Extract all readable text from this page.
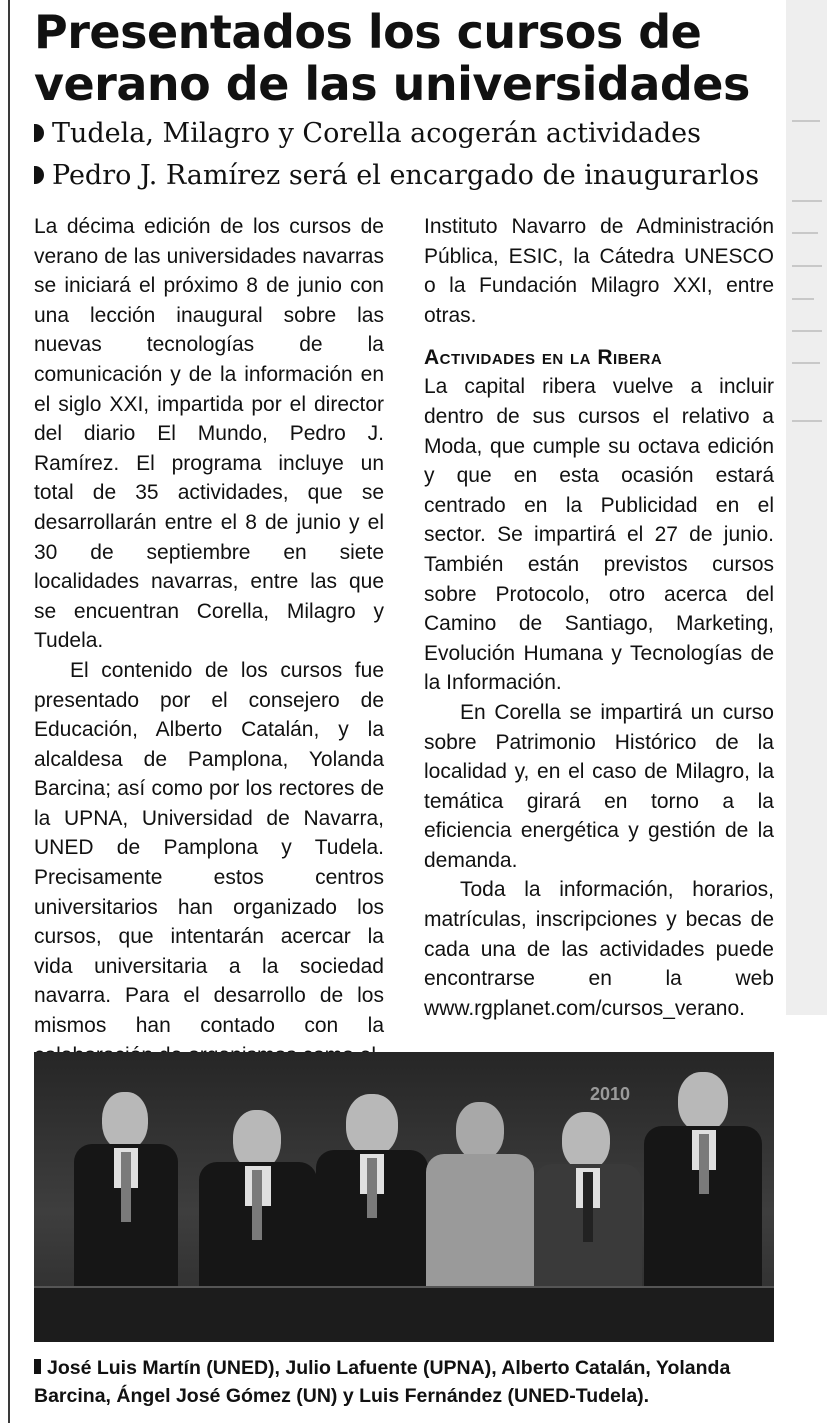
Presentados los cursos de verano de las universidades
Tudela, Milagro y Corella acogerán actividades
Pedro J. Ramírez será el encargado de inaugurarlos

La décima edición de los cursos de verano de las universidades navarras se iniciará el próximo 8 de junio con una lección inaugural sobre las nuevas tecnologías de la comunicación y de la información en el siglo XXI, impartida por el director del diario El Mundo, Pedro J. Ramírez. El programa incluye un total de 35 actividades, que se desarrollarán entre el 8 de junio y el 30 de septiembre en siete localidades navarras, entre las que se encuentran Corella, Milagro y Tudela.

El contenido de los cursos fue presentado por el consejero de Educación, Alberto Catalán, y la alcaldesa de Pamplona, Yolanda Barcina; así como por los rectores de la UPNA, Universidad de Navarra, UNED de Pamplona y Tudela. Precisamente estos centros universitarios han organizado los cursos, que intentarán acercar la vida universitaria a la sociedad navarra. Para el desarrollo de los mismos han contado con la

Instituto Navarro de Administración Pública, ESIC, la Cátedra UNESCO o la Fundación Milagro XXI, entre otras.

Actividades en la Ribera

La capital ribera vuelve a incluir dentro de sus cursos el relativo a Moda, que cumple su octava edición y que en esta ocasión estará centrado en la Publicidad en el sector. Se impartirá el 27 de junio. También están previstos cursos sobre Protocolo, otro acerca del Camino de Santiago, Marketing, Evolución Humana y Tecnologías de la Información.

En Corella se impartirá un curso sobre Patrimonio Histórico de la localidad y, en el caso de Milagro, la temática girará en torno a la eficiencia energética y gestión de la demanda.

Toda la información, horarios, matrículas, inscripciones y becas de cada una de las actividades puede encontrarse en la web www.rgplanet.com/cursos_verano.

2010
José Luis Martín (UNED), Julio Lafuente (UPNA), Alberto Catalán, Yolanda Barcina, Ángel José Gómez (UN) y Luis Fernández (UNED-Tudela).
